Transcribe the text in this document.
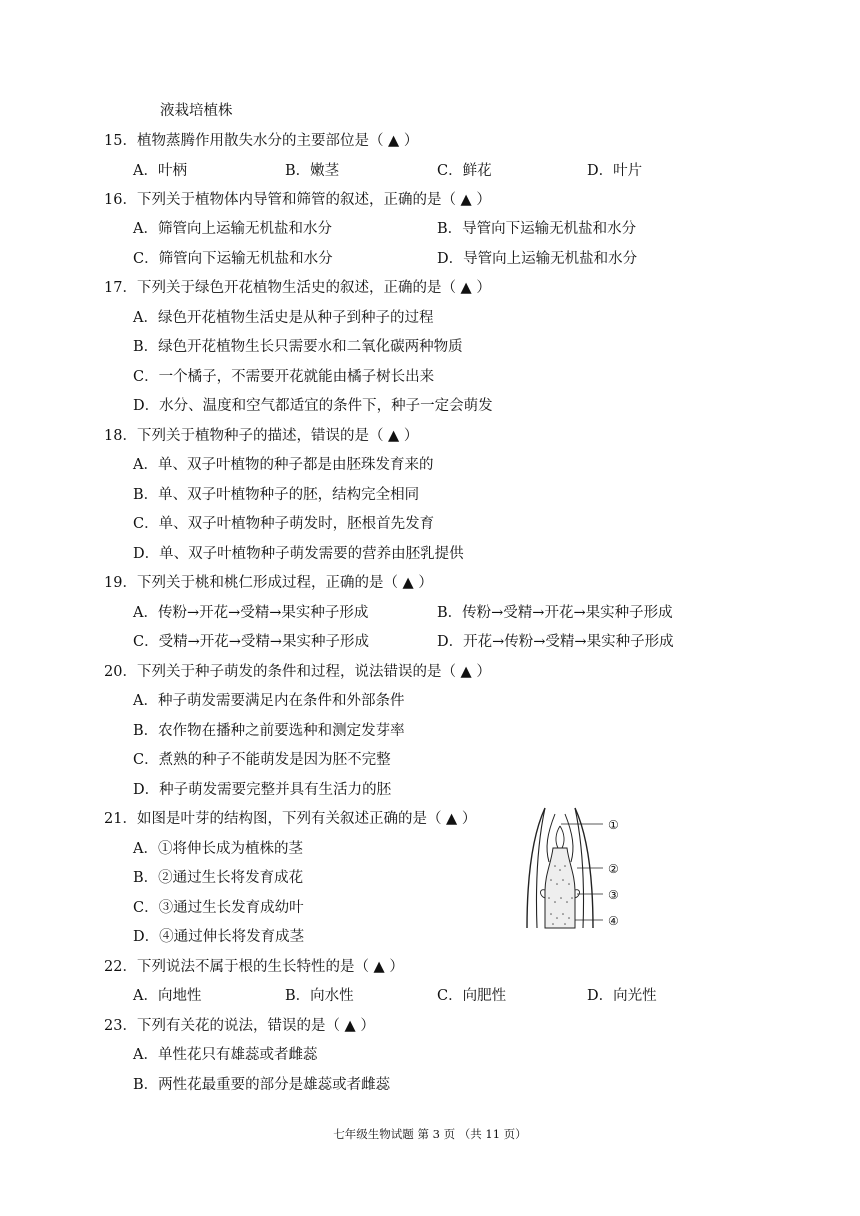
液栽培植株
15．植物蒸腾作用散失水分的主要部位是（ ▲ ）
A．叶柄	B．嫩茎	C．鲜花	D．叶片
16．下列关于植物体内导管和筛管的叙述，正确的是（ ▲ ）
A．筛管向上运输无机盐和水分	B．导管向下运输无机盐和水分
C．筛管向下运输无机盐和水分	D．导管向上运输无机盐和水分
17．下列关于绿色开花植物生活史的叙述，正确的是（ ▲ ）
A．绿色开花植物生活史是从种子到种子的过程
B．绿色开花植物生长只需要水和二氧化碳两种物质
C．一个橘子，不需要开花就能由橘子树长出来
D．水分、温度和空气都适宜的条件下，种子一定会萌发
18．下列关于植物种子的描述，错误的是（ ▲ ）
A．单、双子叶植物的种子都是由胚珠发育来的
B．单、双子叶植物种子的胚，结构完全相同
C．单、双子叶植物种子萌发时，胚根首先发育
D．单、双子叶植物种子萌发需要的营养由胚乳提供
19．下列关于桃和桃仁形成过程，正确的是（ ▲ ）
A．传粉→开花→受精→果实种子形成	B．传粉→受精→开花→果实种子形成
C．受精→开花→受精→果实种子形成	D．开花→传粉→受精→果实种子形成
20．下列关于种子萌发的条件和过程，说法错误的是（ ▲ ）
A．种子萌发需要满足内在条件和外部条件
B．农作物在播种之前要选种和测定发芽率
C．煮熟的种子不能萌发是因为胚不完整
D．种子萌发需要完整并具有生活力的胚
21．如图是叶芽的结构图，下列有关叙述正确的是（ ▲ ）
A．①将伸长成为植株的茎
B．②通过生长将发育成花
C．③通过生长发育成幼叶
D．④通过伸长将发育成茎
①
②
③
④
22．下列说法不属于根的生长特性的是（ ▲ ）
A．向地性	B．向水性	C．向肥性	D．向光性
23．下列有关花的说法，错误的是（ ▲ ）
A．单性花只有雄蕊或者雌蕊
B．两性花最重要的部分是雄蕊或者雌蕊
七年级生物试题 第 3 页 （共 11 页）
